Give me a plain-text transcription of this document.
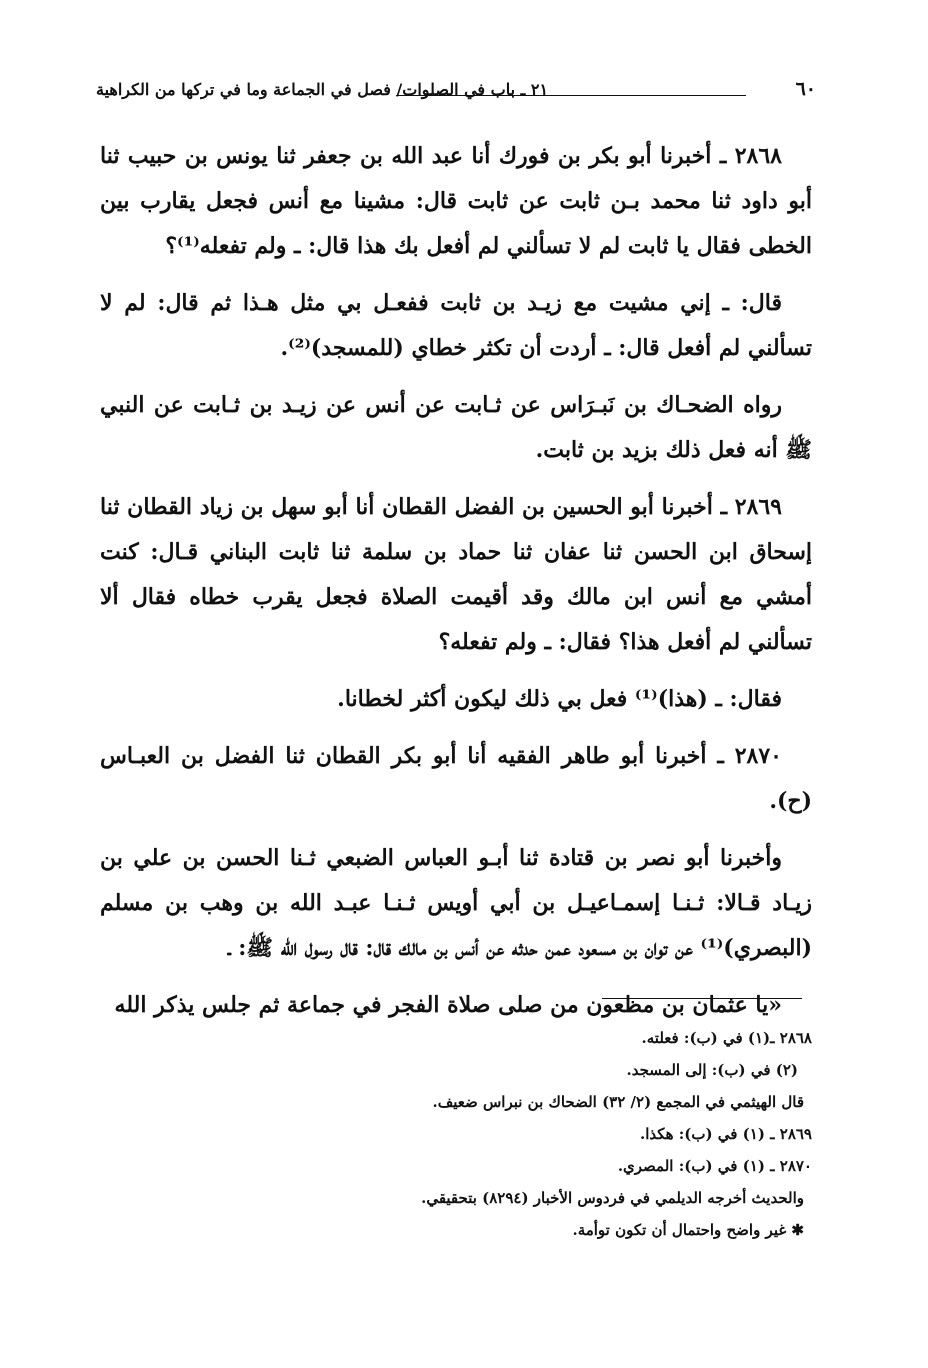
٦٠
٢١ ـ باب في الصلوات/ فصل في الجماعة وما في تركها من الكراهية

٢٨٦٨ ـ أخبرنا أبو بكر بن فورك أنا عبد الله بن جعفر ثنا يونس بن حبيب ثنا أبو داود ثنا محمد بـن ثابت عن ثابت قال: مشينا مع أنس فجعل يقارب بين الخطى فقال يا ثابت لم لا تسألني لم أفعل بك هذا قال: ـ ولم تفعله⁽¹⁾؟

قال: ـ إني مشيت مع زيـد بن ثابت ففعـل بي مثل هـذا ثم قال: لم لا تسألني لم أفعل قال: ـ أردت أن تكثر خطاي (للمسجد)⁽²⁾.

رواه الضحـاك بن نَبـرَاس عن ثـابت عن أنس عن زيـد بن ثـابت عن النبي ﷺ أنه فعل ذلك بزيد بن ثابت.

٢٨٦٩ ـ أخبرنا أبو الحسين بن الفضل القطان أنا أبو سهل بن زياد القطان ثنا إسحاق ابن الحسن ثنا عفان ثنا حماد بن سلمة ثنا ثابت البناني قـال: كنت أمشي مع أنس ابن مالك وقد أقيمت الصلاة فجعل يقرب خطاه فقال ألا تسألني لم أفعل هذا؟ فقال: ـ ولم تفعله؟

فقال: ـ (هذا)⁽¹⁾ فعل بي ذلك ليكون أكثر لخطانا.

٢٨٧٠ ـ أخبرنا أبو طاهر الفقيه أنا أبو بكر القطان ثنا الفضل بن العبـاس (ح).

وأخبرنا أبو نصر بن قتادة ثنا أبـو العباس الضبعي ثـنا الحسن بن علي بن زيـاد قـالا: ثـنـا إسمـاعيـل بن أبي أويس ثـنـا عبـد الله بن وهب بن مسلم (البصري)⁽¹⁾ عن توان بن مسعود عمن حدثه عن أنس بن مالك قال: قال رسول الله ﷺ: ـ

«يا عثمان بن مظعون من صلى صلاة الفجر في جماعة ثم جلس يذكر الله

٢٨٦٨ ـ(١) في (ب): فعلته.
(٢) في (ب): إلى المسجد.
قال الهيثمي في المجمع (٢/ ٣٢) الضحاك بن نبراس ضعيف.
٢٨٦٩ ـ (١) في (ب): هكذا.
٢٨٧٠ ـ (١) في (ب): المصري.
والحديث أخرجه الديلمي في فردوس الأخبار (٨٢٩٤) بتحقيقي.
✱ غير واضح واحتمال أن تكون توأمة.
